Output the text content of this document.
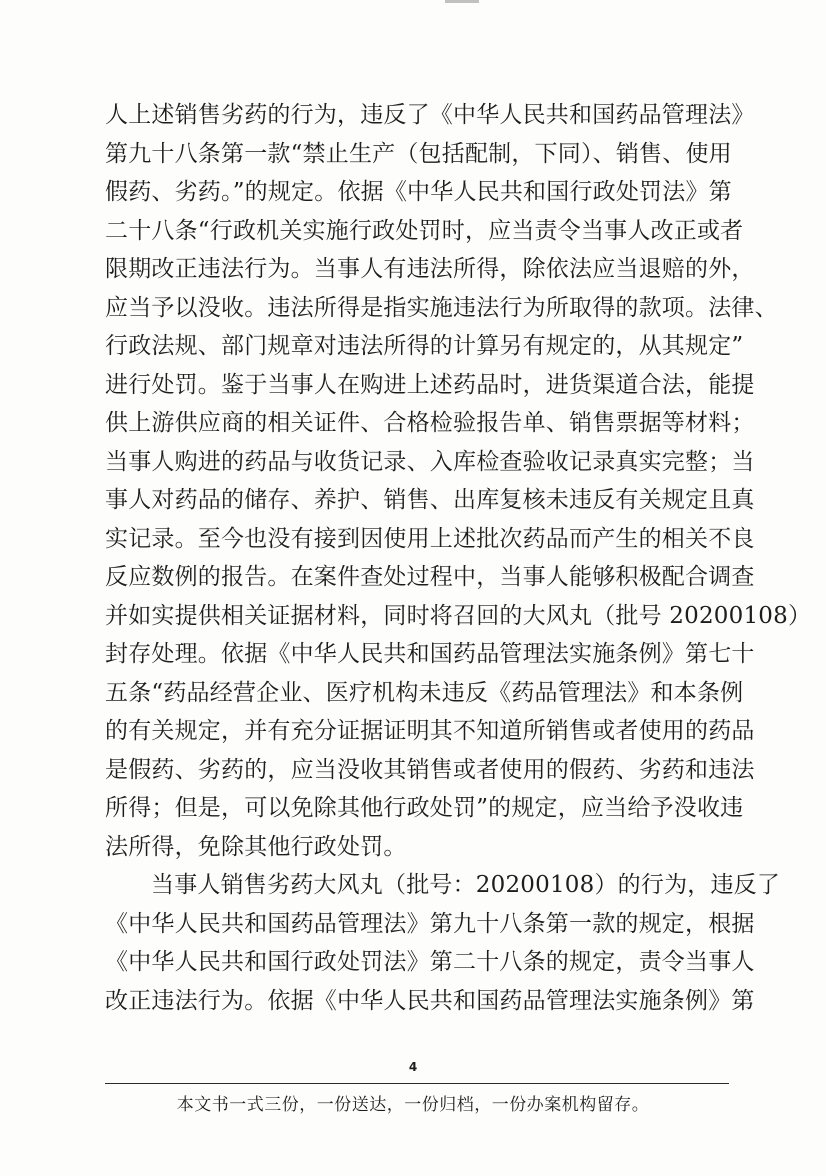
人上述销售劣药的行为，违反了《中华人民共和国药品管理法》
第九十八条第一款“禁止生产（包括配制，下同）、销售、使用
假药、劣药。”的规定。依据《中华人民共和国行政处罚法》第
二十八条“行政机关实施行政处罚时，应当责令当事人改正或者
限期改正违法行为。当事人有违法所得，除依法应当退赔的外，
应当予以没收。违法所得是指实施违法行为所取得的款项。法律、
行政法规、部门规章对违法所得的计算另有规定的，从其规定”
进行处罚。鉴于当事人在购进上述药品时，进货渠道合法，能提
供上游供应商的相关证件、合格检验报告单、销售票据等材料；
当事人购进的药品与收货记录、入库检查验收记录真实完整；当
事人对药品的储存、养护、销售、出库复核未违反有关规定且真
实记录。至今也没有接到因使用上述批次药品而产生的相关不良
反应数例的报告。在案件查处过程中，当事人能够积极配合调查
并如实提供相关证据材料，同时将召回的大风丸（批号 20200108）
封存处理。依据《中华人民共和国药品管理法实施条例》第七十
五条“药品经营企业、医疗机构未违反《药品管理法》和本条例
的有关规定，并有充分证据证明其不知道所销售或者使用的药品
是假药、劣药的，应当没收其销售或者使用的假药、劣药和违法
所得；但是，可以免除其他行政处罚”的规定，应当给予没收违
法所得，免除其他行政处罚。
当事人销售劣药大风丸（批号：20200108）的行为，违反了
《中华人民共和国药品管理法》第九十八条第一款的规定，根据
《中华人民共和国行政处罚法》第二十八条的规定，责令当事人
改正违法行为。依据《中华人民共和国药品管理法实施条例》第
4
本文书一式三份，一份送达，一份归档，一份办案机构留存。
